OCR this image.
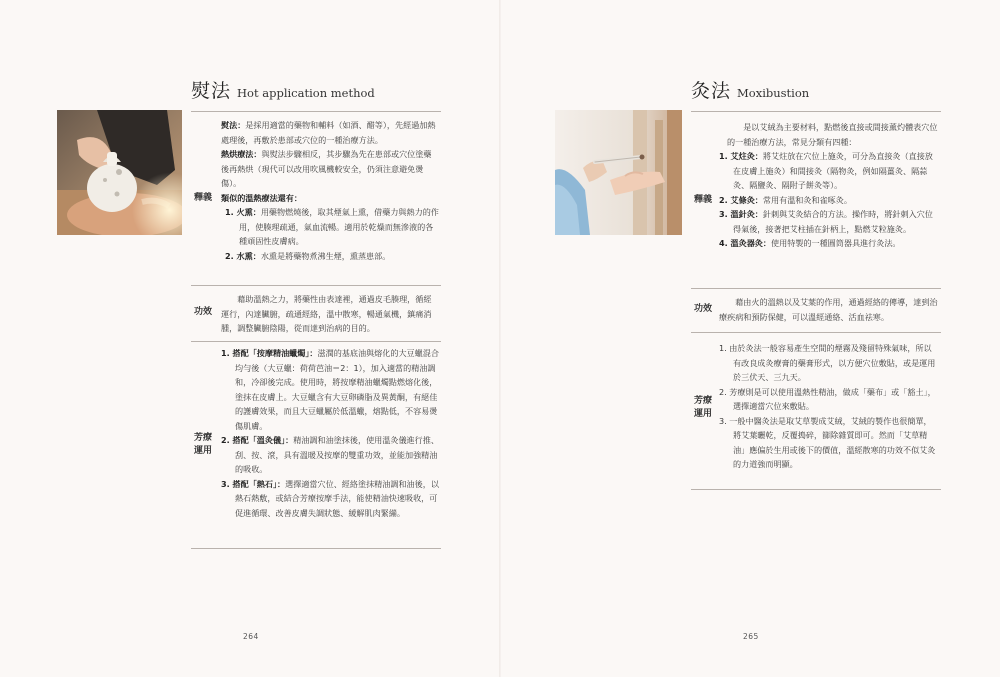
熨法 Hot application method
釋義

熨法：是採用適當的藥物和輔料（如酒、醋等），先經過加熱處理後，再敷於患部或穴位的一種治療方法。

熱烘療法：與熨法步驟相反，其步驟為先在患部或穴位塗藥後再熱烘（現代可以改用吹風機較安全，仍須注意避免燙傷）。

類似的溫熱療法還有：

1. 火熏：用藥物燃燒後，取其煙氣上熏，借藥力與熱力的作用，使腠理疏通，氣血流暢。適用於乾燥而無滲液的各種頑固性皮膚病。

2. 水熏：水熏是將藥物煮沸生煙，熏蒸患部。

功效

藉助溫熱之力，將藥性由表達裡，通過皮毛腠理，循經運行，內達臟腑，疏通經絡，溫中散寒，暢通氣機，鎮痛消腫，調整臟腑陰陽，從而達到治病的目的。

芳療運用

1. 搭配「按摩精油蠟燭」：滋潤的基底油與熔化的大豆蠟混合均勻後（大豆蠟：荷荷芭油＝2：1），加入適當的精油調和，冷卻後完成。使用時，將按摩精油蠟燭點燃熔化後，塗抹在皮膚上。大豆蠟含有大豆卵磷脂及異黃酮，有絕佳的護膚效果，而且大豆蠟屬於低溫蠟，熔點低，不容易燙傷肌膚。

2. 搭配「溫灸儀」：精油調和油塗抹後，使用溫灸儀進行推、刮、按、滾，具有溫暖及按摩的雙重功效，並能加強精油的吸收。

3. 搭配「熱石」：選擇適當穴位、經絡塗抹精油調和油後，以熱石熱敷，或結合芳療按摩手法，能使精油快速吸收，可促進循環、改善皮膚失調狀態、緩解肌肉緊繃。

264
灸法 Moxibustion
釋義

是以艾絨為主要材料，點燃後直接或間接薰灼體表穴位的一種治療方法，常見分類有四種：

1. 艾炷灸：將艾炷放在穴位上施灸，可分為直接灸（直接放在皮膚上施灸）和間接灸（隔物灸，例如隔薑灸、隔蒜灸、隔鹽灸、隔附子餅灸等）。

2. 艾條灸：常用有溫和灸和雀啄灸。

3. 溫針灸：針刺與艾灸結合的方法。操作時，將針刺入穴位得氣後，接著把艾柱插在針柄上，點燃艾粒施灸。

4. 溫灸器灸：使用特製的一種圓筒器具進行灸法。

功效

藉由火的溫熱以及艾葉的作用，通過經絡的傳導，達到治療疾病和預防保健，可以溫經通絡、活血祛寒。

芳療運用

1. 由於灸法一般容易產生空間的煙霧及殘留特殊氣味，所以有改良成灸療膏的藥膏形式，以方便穴位敷貼，或是運用於三伏天、三九天。

2. 芳療則是可以使用溫熱性精油，做成「藥布」或「豁土」，選擇適當穴位來敷貼。

3. 一般中醫灸法是取艾草製成艾絨，艾絨的製作也很簡單，將艾葉曬乾，反覆搗碎，篩除雜質即可。然而「艾草精油」應偏於生用或後下的價值，溫經散寒的功效不似艾灸的力道強而明顯。

265
